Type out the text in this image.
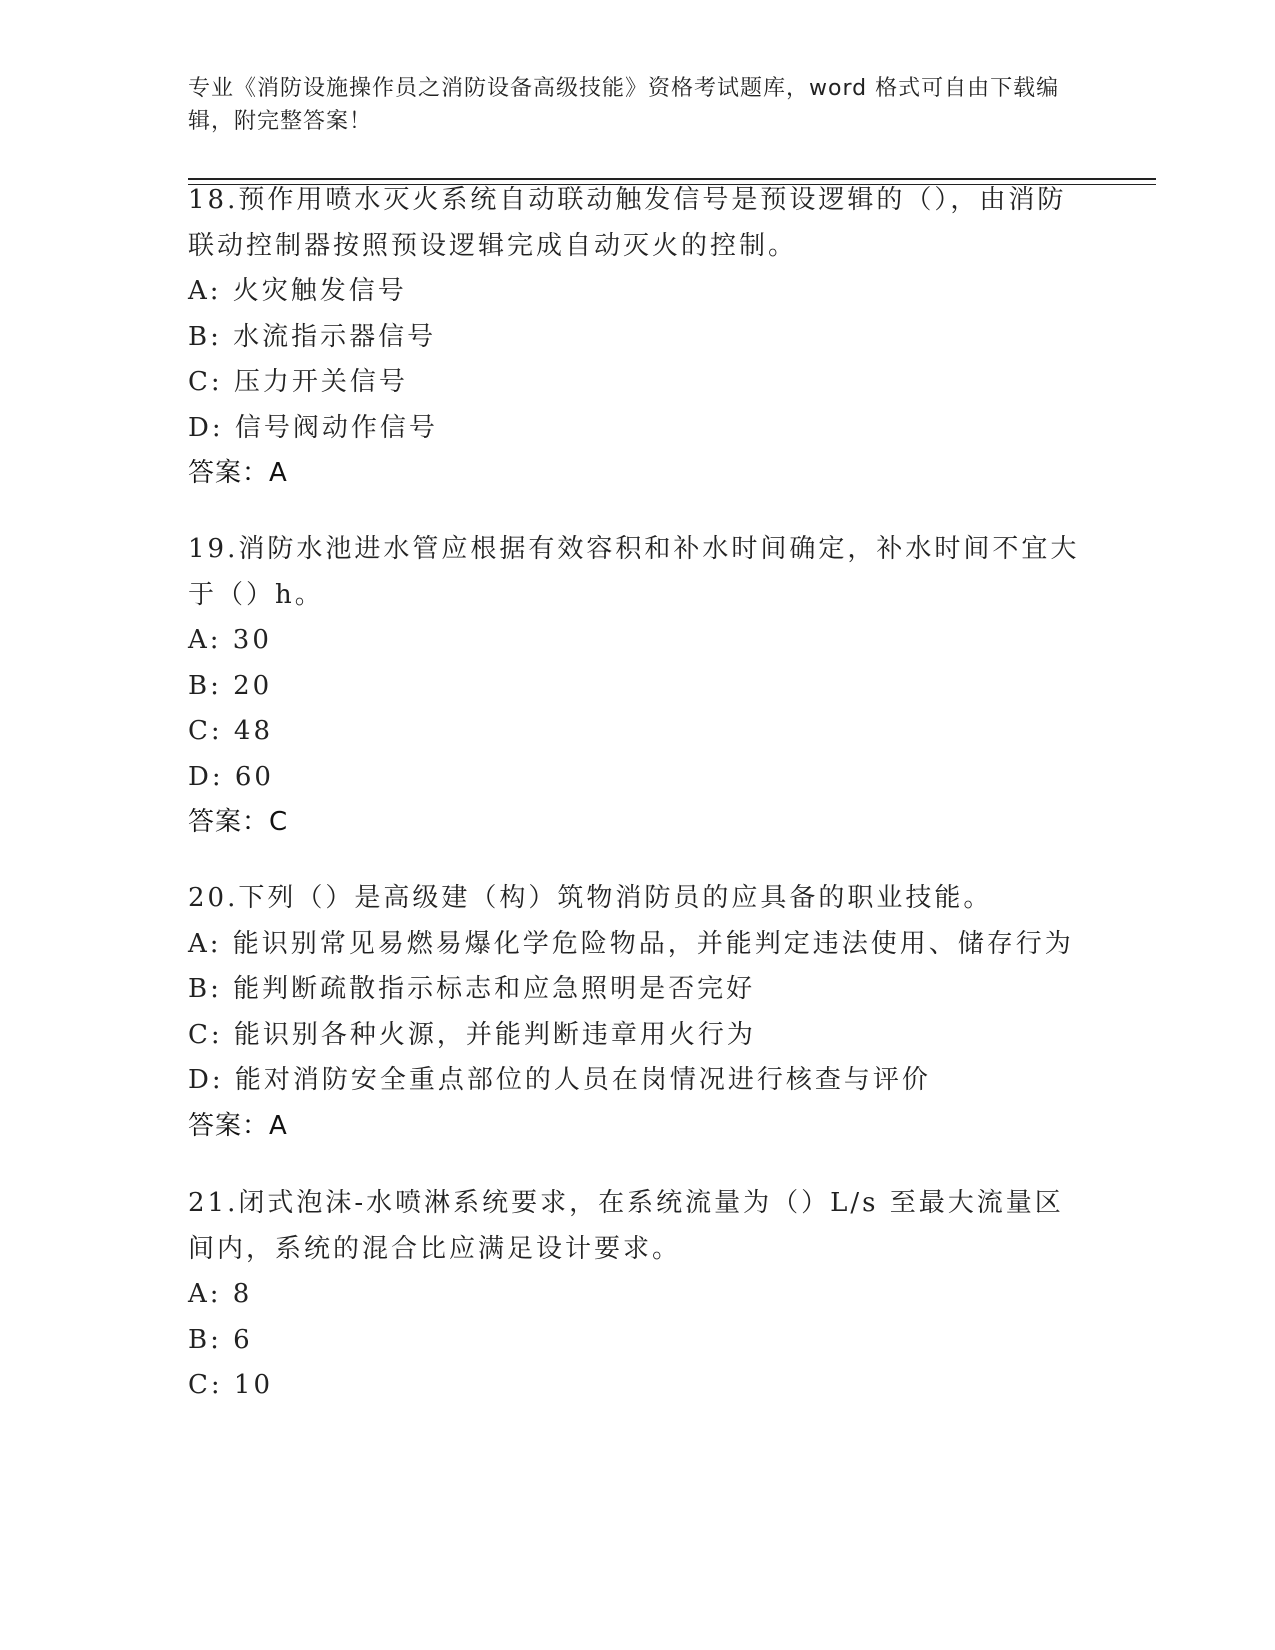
专业《消防设施操作员之消防设备高级技能》资格考试题库，word 格式可自由下载编辑，附完整答案！
18.预作用喷水灭火系统自动联动触发信号是预设逻辑的（），由消防联动控制器按照预设逻辑完成自动灭火的控制。
A: 火灾触发信号
B: 水流指示器信号
C: 压力开关信号
D: 信号阀动作信号
答案：A
19.消防水池进水管应根据有效容积和补水时间确定，补水时间不宜大于（）h。
A: 30
B: 20
C: 48
D: 60
答案：C
20.下列（）是高级建（构）筑物消防员的应具备的职业技能。
A: 能识别常见易燃易爆化学危险物品，并能判定违法使用、储存行为
B: 能判断疏散指示标志和应急照明是否完好
C: 能识别各种火源，并能判断违章用火行为
D: 能对消防安全重点部位的人员在岗情况进行核查与评价
答案：A
21.闭式泡沫-水喷淋系统要求，在系统流量为（）L/s 至最大流量区间内，系统的混合比应满足设计要求。
A: 8
B: 6
C: 10
